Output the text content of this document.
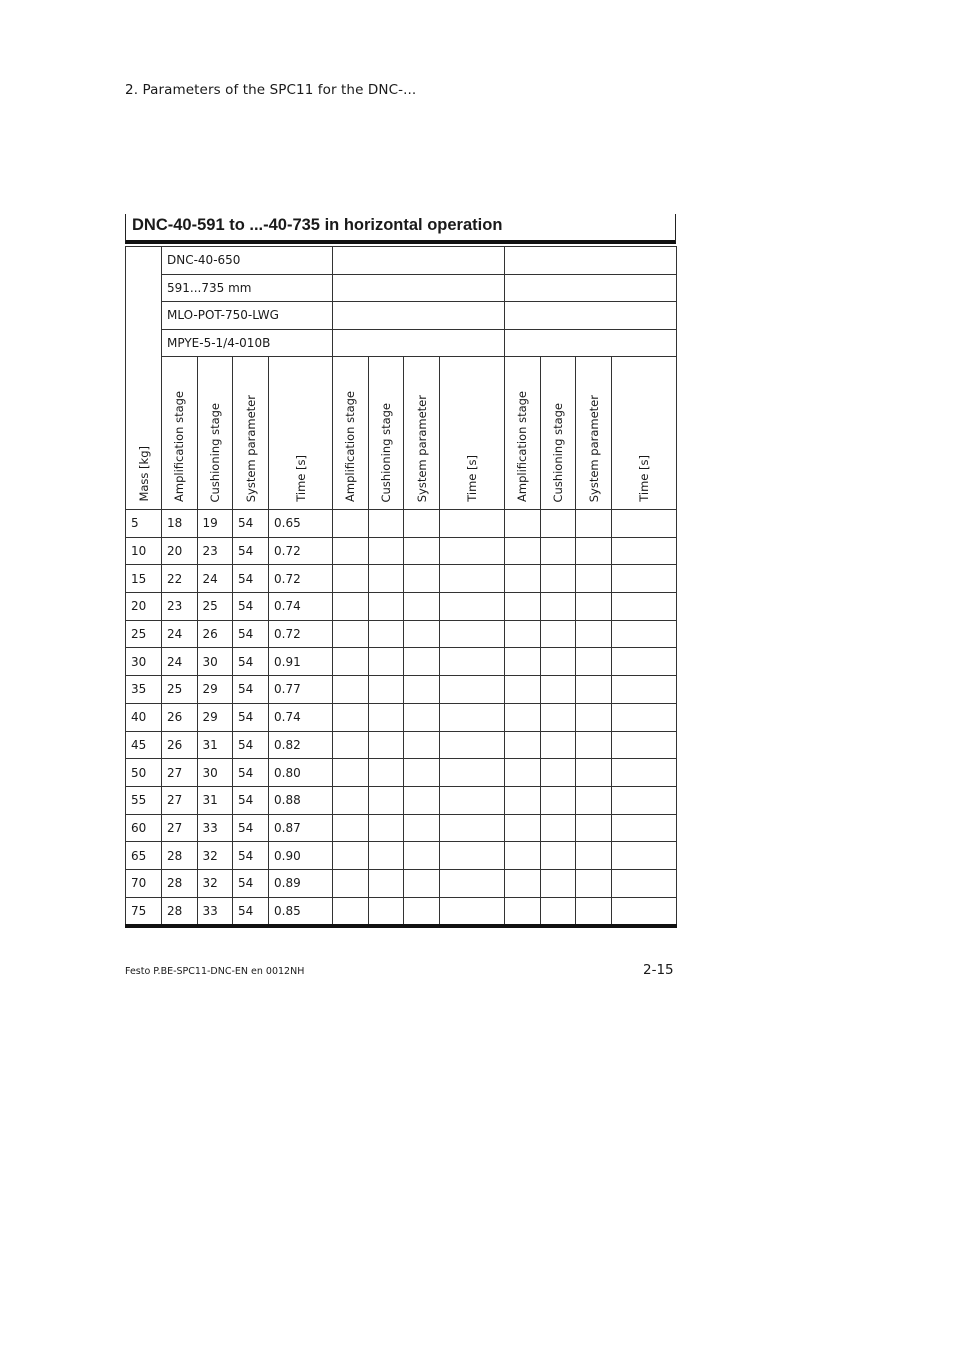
2. Parameters of the SPC11 for the DNC-...
DNC-40-591 to ...-40-735 in horizontal operation
Mass [kg]	DNC-40-650											
	591...735 mm											
	MLO-POT-750-LWG											
	MPYE-5-1/4-010B											

	Amplification stage	Cushioning stage	System parameter	Time [s]	Amplification stage	Cushioning stage	System parameter	Time [s]	Amplification stage	Cushioning stage	System parameter	Time [s]

5	18	19	54	0.65								
10	20	23	54	0.72								
15	22	24	54	0.72								
20	23	25	54	0.74								
25	24	26	54	0.72								
30	24	30	54	0.91								
35	25	29	54	0.77								
40	26	29	54	0.74								
45	26	31	54	0.82								
50	27	30	54	0.80								
55	27	31	54	0.88								
60	27	33	54	0.87								
65	28	32	54	0.90								
70	28	32	54	0.89								
75	28	33	54	0.85								
Festo P.BE-SPC11-DNC-EN en 0012NH	2-15
